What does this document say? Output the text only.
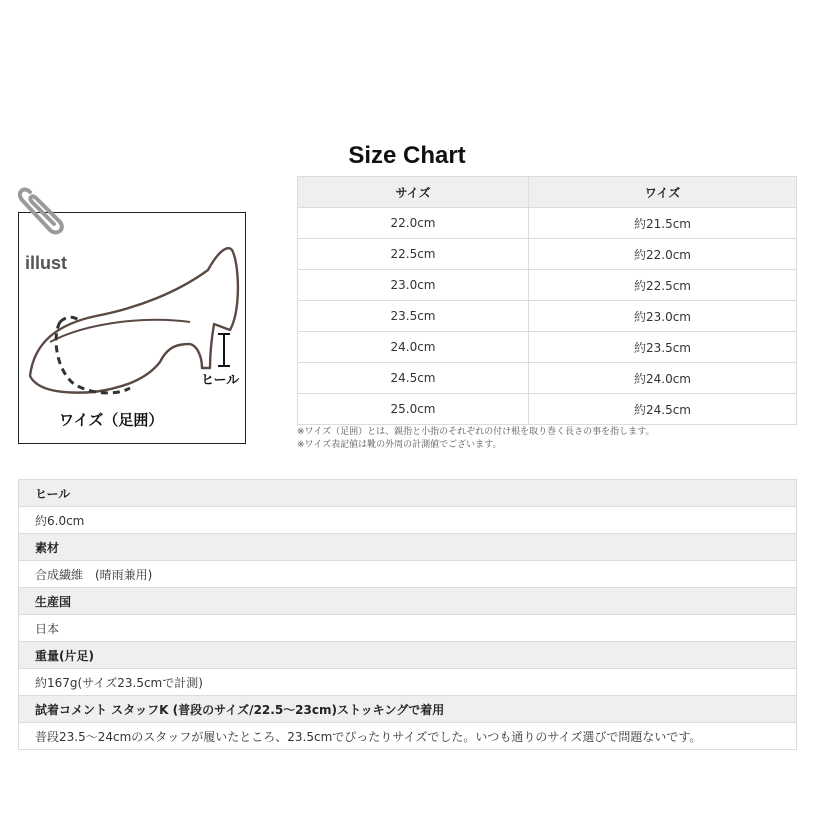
Size Chart
illust
ヒール
ワイズ（足囲）
サイズ	ワイズ
22.0cm	約21.5cm
22.5cm	約22.0cm
23.0cm	約22.5cm
23.5cm	約23.0cm
24.0cm	約23.5cm
24.5cm	約24.0cm
25.0cm	約24.5cm
※ワイズ（足囲）とは、親指と小指のそれぞれの付け根を取り巻く長さの事を指します。
※ワイズ表記値は靴の外周の計測値でございます。
ヒール
約6.0cm
素材
合成繊維　(晴雨兼用)
生産国
日本
重量(片足)
約167g(サイズ23.5cmで計測)
試着コメント スタッフK (普段のサイズ/22.5～23cm)ストッキングで着用
普段23.5～24cmのスタッフが履いたところ、23.5cmでぴったりサイズでした。いつも通りのサイズ選びで問題ないです。
